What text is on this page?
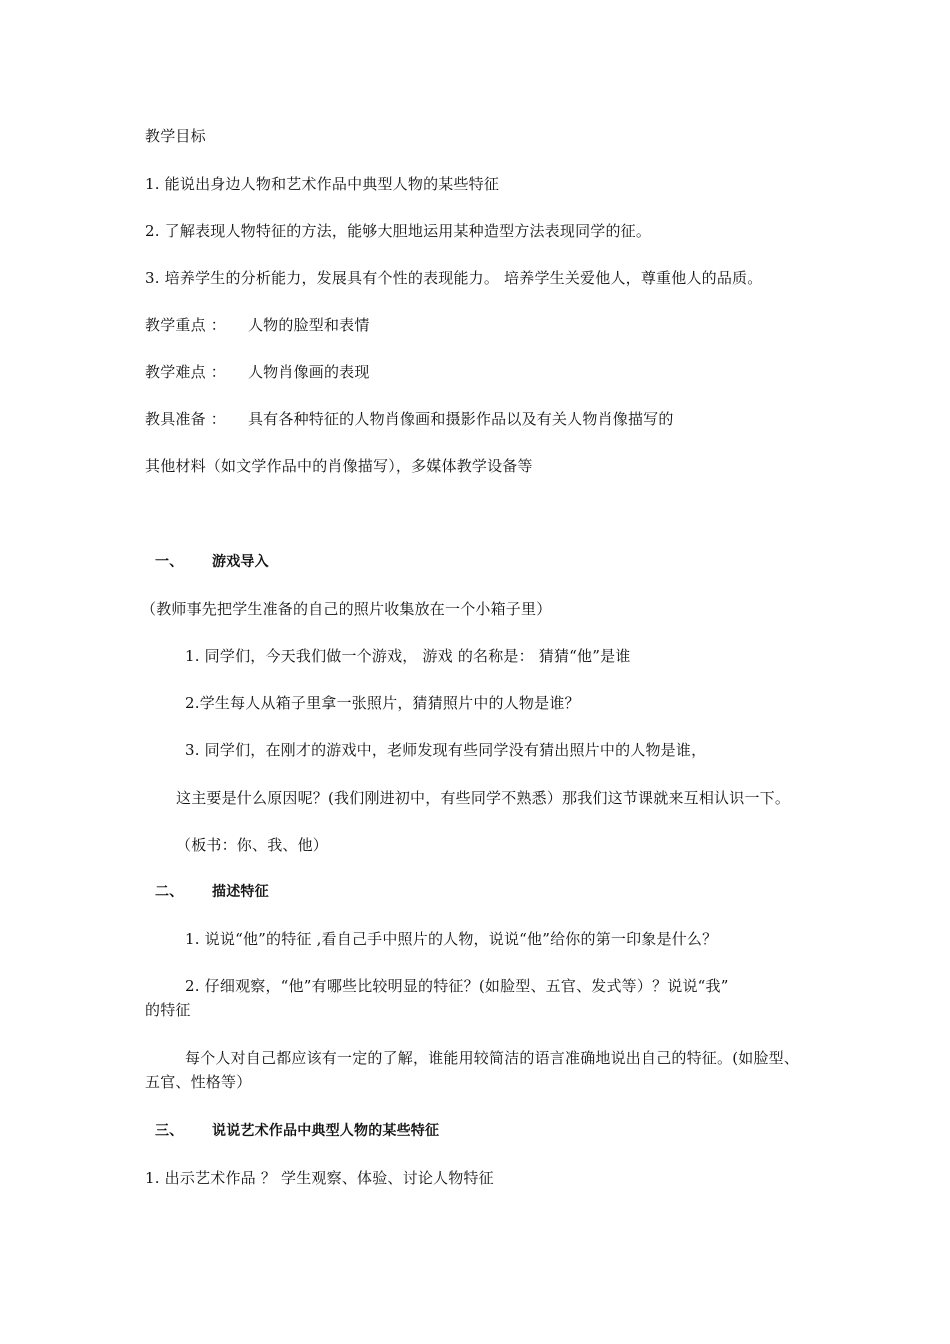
教学目标
1. 能说出身边人物和艺术作品中典型人物的某些特征
2. 了解表现人物特征的方法，能够大胆地运用某种造型方法表现同学的征。
3. 培养学生的分析能力，发展具有个性的表现能力。 培养学生关爱他人，尊重他人的品质。
教学重点 ： 人物的脸型和表情
教学难点 ： 人物肖像画的表现
教具准备 ： 具有各种特征的人物肖像画和摄影作品以及有关人物肖像描写的
其他材料（如文学作品中的肖像描写），多媒体教学设备等
一、 游戏导入
（教师事先把学生准备的自己的照片收集放在一个小箱子里）
1. 同学们，今天我们做一个游戏， 游戏 的名称是： 猜猜“他”是谁
2.学生每人从箱子里拿一张照片，猜猜照片中的人物是谁？
3. 同学们，在刚才的游戏中，老师发现有些同学没有猜出照片中的人物是谁，
这主要是什么原因呢？(我们刚进初中，有些同学不熟悉）那我们这节课就来互相认识一下。
（板书：你、我、他）
二、 描述特征
1. 说说“他”的特征 ,看自己手中照片的人物，说说“他”给你的第一印象是什么？
2. 仔细观察，“他”有哪些比较明显的特征？(如脸型、五官、发式等）？说说“我”
的特征
每个人对自己都应该有一定的了解，谁能用较简洁的语言准确地说出自己的特征。(如脸型、
五官、性格等）
三、 说说艺术作品中典型人物的某些特征
1. 出示艺术作品 ？ 学生观察、体验、讨论人物特征
